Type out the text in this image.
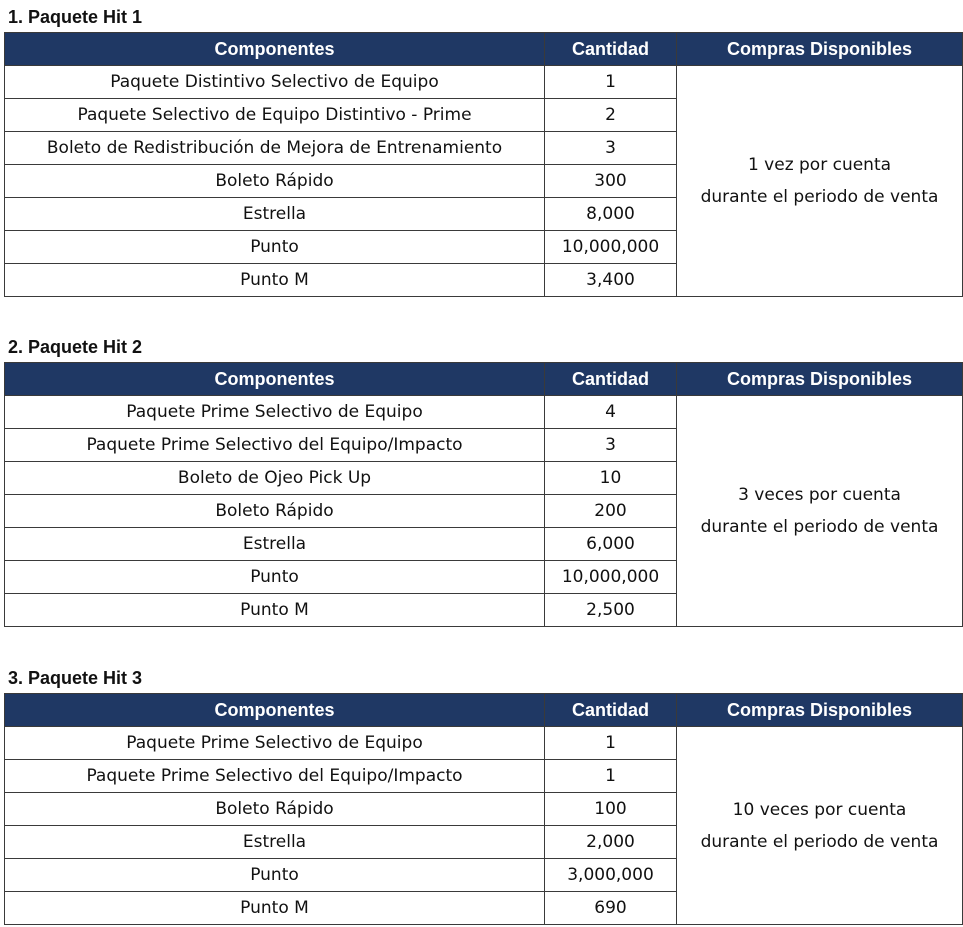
1. Paquete Hit 1
Componentes	Cantidad	Compras Disponibles
Paquete Distintivo Selectivo de Equipo	1	1 vez por cuenta
durante el periodo de venta

Paquete Selectivo de Equipo Distintivo - Prime	2	
Boleto de Redistribución de Mejora de Entrenamiento	3	
Boleto Rápido	300	
Estrella	8,000	
Punto	10,000,000	
Punto M	3,400	
2. Paquete Hit 2
Componentes	Cantidad	Compras Disponibles
Paquete Prime Selectivo de Equipo	4	3 veces por cuenta
durante el periodo de venta

Paquete Prime Selectivo del Equipo/Impacto	3	
Boleto de Ojeo Pick Up	10	
Boleto Rápido	200	
Estrella	6,000	
Punto	10,000,000	
Punto M	2,500	
3. Paquete Hit 3
Componentes	Cantidad	Compras Disponibles
Paquete Prime Selectivo de Equipo	1	10 veces por cuenta
durante el periodo de venta

Paquete Prime Selectivo del Equipo/Impacto	1	
Boleto Rápido	100	
Estrella	2,000	
Punto	3,000,000	
Punto M	690	
